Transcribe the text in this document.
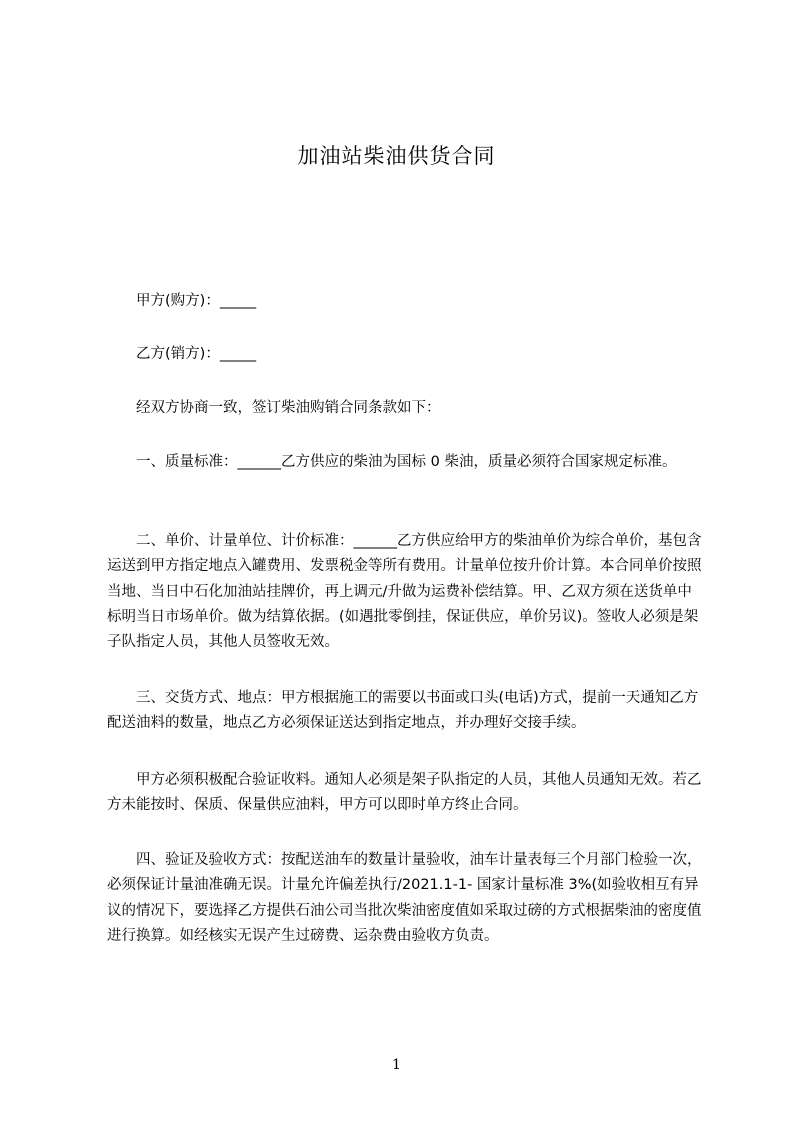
加油站柴油供货合同
甲方(购方)：_____
乙方(销方)：_____
经双方协商一致，签订柴油购销合同条款如下：
一、质量标准：______乙方供应的柴油为国标 0 柴油，质量必须符合国家规定标准。
二、单价、计量单位、计价标准：______乙方供应给甲方的柴油单价为综合单价，基包含运送到甲方指定地点入罐费用、发票税金等所有费用。计量单位按升价计算。本合同单价按照当地、当日中石化加油站挂牌价，再上调元/升做为运费补偿结算。甲、乙双方须在送货单中标明当日市场单价。做为结算依据。(如遇批零倒挂，保证供应，单价另议)。签收人必须是架子队指定人员，其他人员签收无效。
三、交货方式、地点：甲方根据施工的需要以书面或口头(电话)方式，提前一天通知乙方配送油料的数量，地点乙方必须保证送达到指定地点，并办理好交接手续。
甲方必须积极配合验证收料。通知人必须是架子队指定的人员，其他人员通知无效。若乙方未能按时、保质、保量供应油料，甲方可以即时单方终止合同。
四、验证及验收方式：按配送油车的数量计量验收，油车计量表每三个月部门检验一次，必须保证计量油准确无误。计量允许偏差执行/2021.1-1- 国家计量标准 3%(如验收相互有异议的情况下，要选择乙方提供石油公司当批次柴油密度值如采取过磅的方式根据柴油的密度值进行换算。如经核实无误产生过磅费、运杂费由验收方负责。
1
